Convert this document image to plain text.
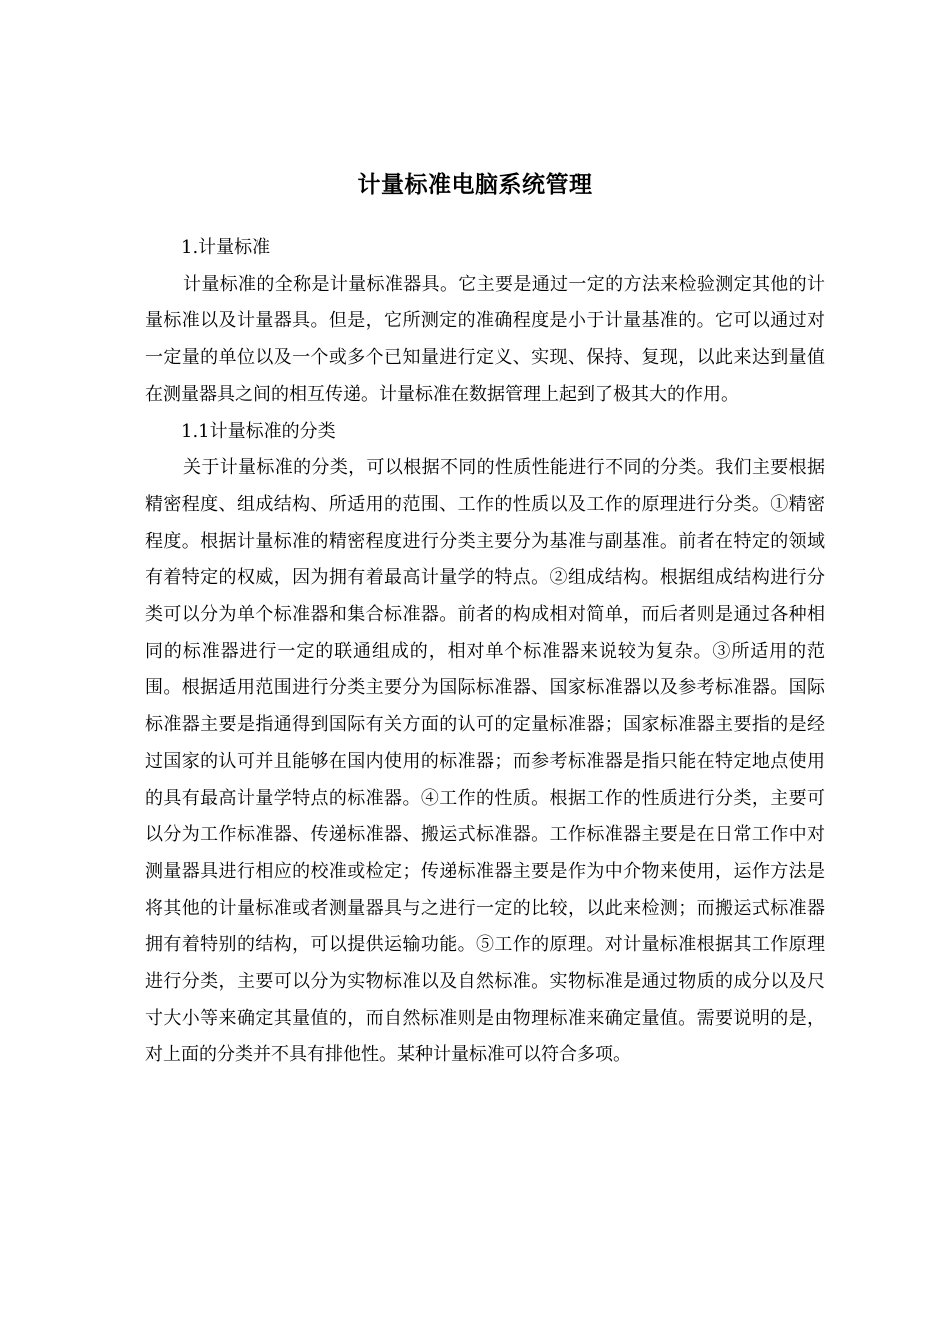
计量标准电脑系统管理

1.计量标准

计量标准的全称是计量标准器具。它主要是通过一定的方法来检验测定其他的计量标准以及计量器具。但是，它所测定的准确程度是小于计量基准的。它可以通过对一定量的单位以及一个或多个已知量进行定义、实现、保持、复现，以此来达到量值在测量器具之间的相互传递。计量标准在数据管理上起到了极其大的作用。

1.1计量标准的分类

关于计量标准的分类，可以根据不同的性质性能进行不同的分类。我们主要根据精密程度、组成结构、所适用的范围、工作的性质以及工作的原理进行分类。①精密程度。根据计量标准的精密程度进行分类主要分为基准与副基准。前者在特定的领域有着特定的权威，因为拥有着最高计量学的特点。②组成结构。根据组成结构进行分类可以分为单个标准器和集合标准器。前者的构成相对简单，而后者则是通过各种相同的标准器进行一定的联通组成的，相对单个标准器来说较为复杂。③所适用的范围。根据适用范围进行分类主要分为国际标准器、国家标准器以及参考标准器。国际标准器主要是指通得到国际有关方面的认可的定量标准器；国家标准器主要指的是经过国家的认可并且能够在国内使用的标准器；而参考标准器是指只能在特定地点使用的具有最高计量学特点的标准器。④工作的性质。根据工作的性质进行分类，主要可以分为工作标准器、传递标准器、搬运式标准器。工作标准器主要是在日常工作中对测量器具进行相应的校准或检定；传递标准器主要是作为中介物来使用，运作方法是将其他的计量标准或者测量器具与之进行一定的比较，以此来检测；而搬运式标准器拥有着特别的结构，可以提供运输功能。⑤工作的原理。对计量标准根据其工作原理进行分类，主要可以分为实物标准以及自然标准。实物标准是通过物质的成分以及尺寸大小等来确定其量值的，而自然标准则是由物理标准来确定量值。需要说明的是，对上面的分类并不具有排他性。某种计量标准可以符合多项。
